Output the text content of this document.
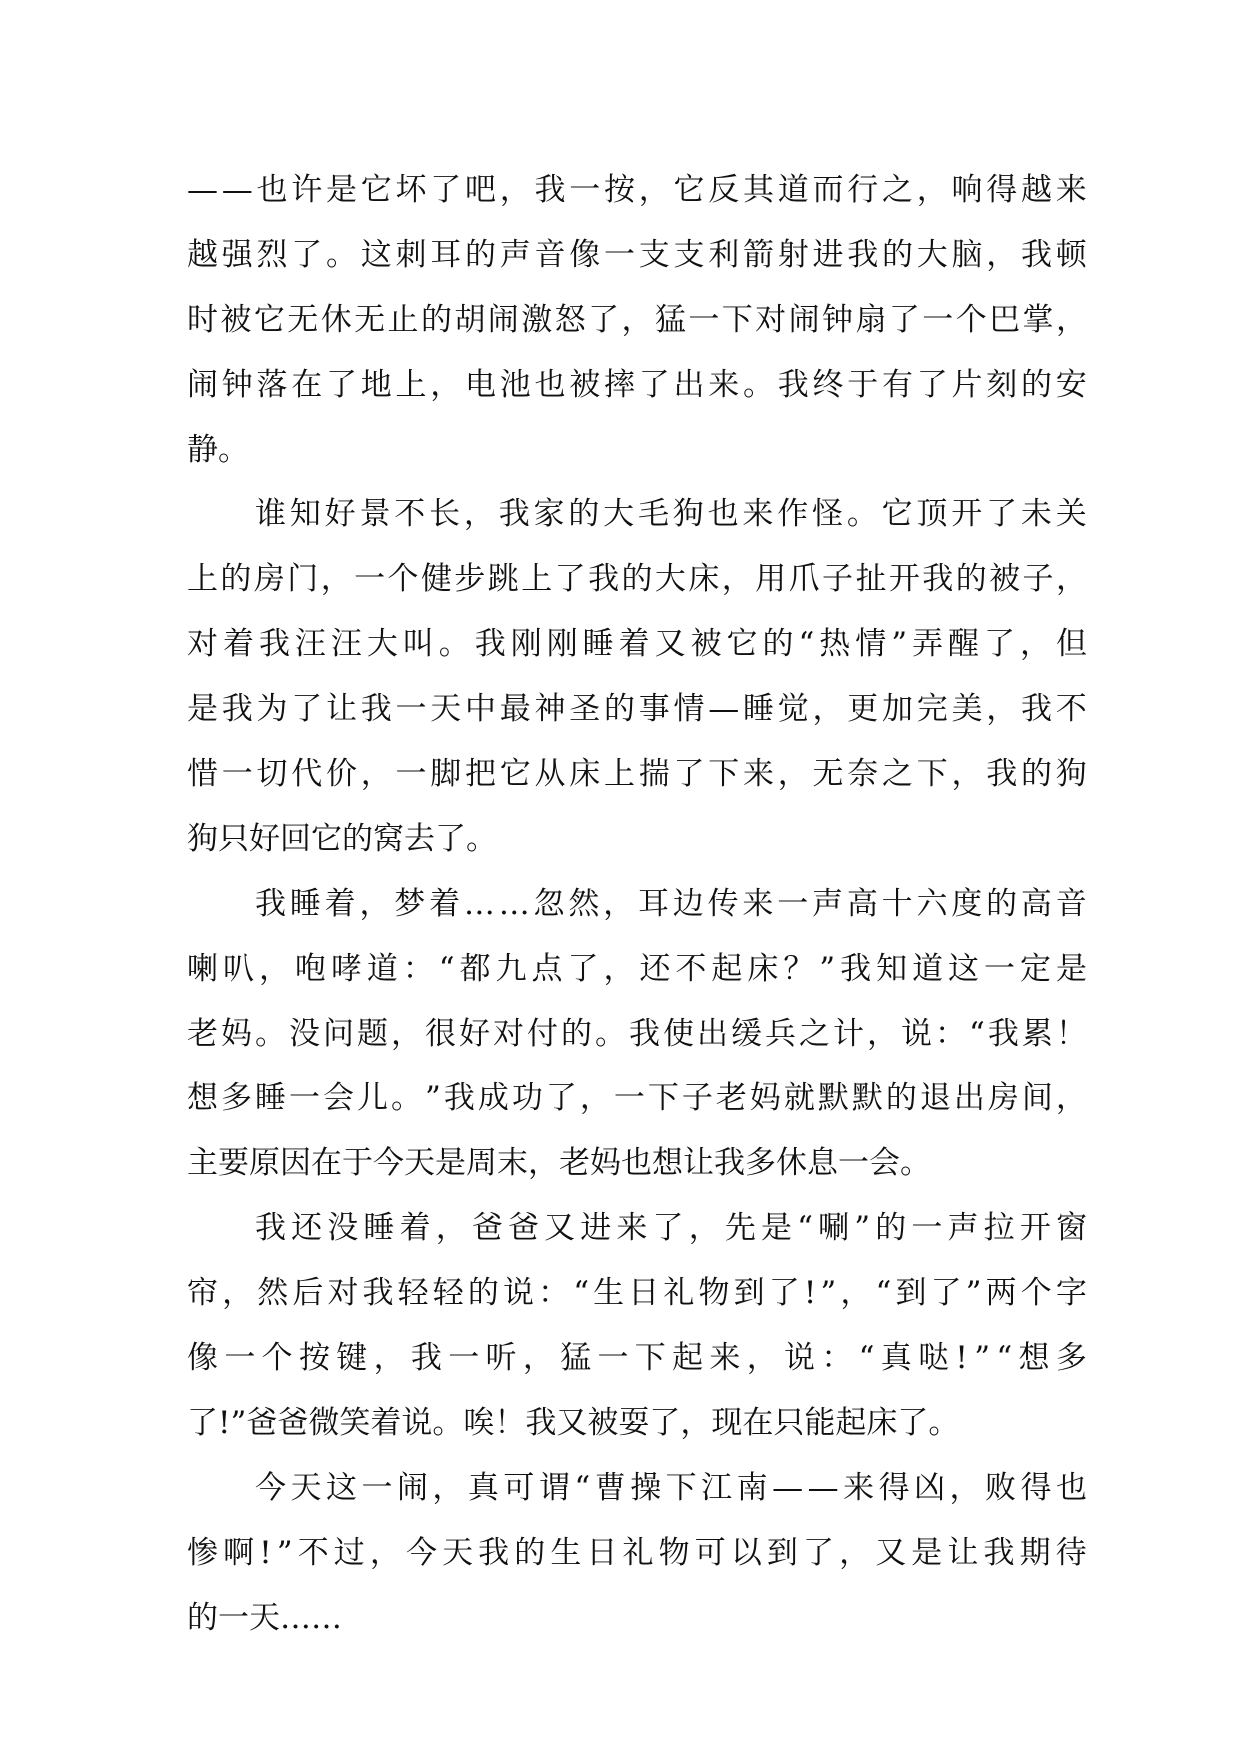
— — 也 许 是 它 坏 了 吧 ， 我 一 按 ， 它 反 其 道 而 行 之 ， 响 得 越 来
越 强 烈 了 。 这 刺 耳 的 声 音 像 一 支 支 利 箭 射 进 我 的 大 脑 ， 我 顿
时 被 它 无 休 无 止 的 胡 闹 激 怒 了 ， 猛 一 下 对 闹 钟 扇 了 一 个 巴 掌 ，
闹 钟 落 在 了 地 上 ， 电 池 也 被 摔 了 出 来 。 我 终 于 有 了 片 刻 的 安
静 。
谁 知 好 景 不 长 ， 我 家 的 大 毛 狗 也 来 作 怪 。 它 顶 开 了 未 关
上 的 房 门 ， 一 个 健 步 跳 上 了 我 的 大 床 ， 用 爪 子 扯 开 我 的 被 子 ，
对 着 我 汪 汪 大 叫 。 我 刚 刚 睡 着 又 被 它 的 “ 热 情 ” 弄 醒 了 ， 但
是 我 为 了 让 我 一 天 中 最 神 圣 的 事 情 — 睡 觉 ， 更 加 完 美 ， 我 不
惜 一 切 代 价 ， 一 脚 把 它 从 床 上 揣 了 下 来 ， 无 奈 之 下 ， 我 的 狗
狗 只 好 回 它 的 窝 去 了 。
我 睡 着 ， 梦 着 … … 忽 然 ， 耳 边 传 来 一 声 高 十 六 度 的 高 音
喇 叭 ， 咆 哮 道 ： “ 都 九 点 了 ， 还 不 起 床 ？ ” 我 知 道 这 一 定 是
老 妈 。 没 问 题 ， 很 好 对 付 的 。 我 使 出 缓 兵 之 计 ， 说 ： “ 我 累 ！
想 多 睡 一 会 儿 。 ” 我 成 功 了 ， 一 下 子 老 妈 就 默 默 的 退 出 房 间 ，
主 要 原 因 在 于 今 天 是 周 末 ， 老 妈 也 想 让 我 多 休 息 一 会 。
我 还 没 睡 着 ， 爸 爸 又 进 来 了 ， 先 是 “ 唰 ” 的 一 声 拉 开 窗
帘 ， 然 后 对 我 轻 轻 的 说 ： “ 生 日 礼 物 到 了 ! ” ， “ 到 了 ” 两 个 字
像 一 个 按 键 ， 我 一 听 ， 猛 一 下 起 来 ， 说 ： “ 真 哒 ! ” “ 想 多
了 ! ” 爸 爸 微 笑 着 说 。 唉 ！ 我 又 被 耍 了 ， 现 在 只 能 起 床 了 。
今 天 这 一 闹 ， 真 可 谓 “ 曹 操 下 江 南 — — 来 得 凶 ， 败 得 也
惨 啊 ! ” 不 过 ， 今 天 我 的 生 日 礼 物 可 以 到 了 ， 又 是 让 我 期 待
的 一 天 … …
